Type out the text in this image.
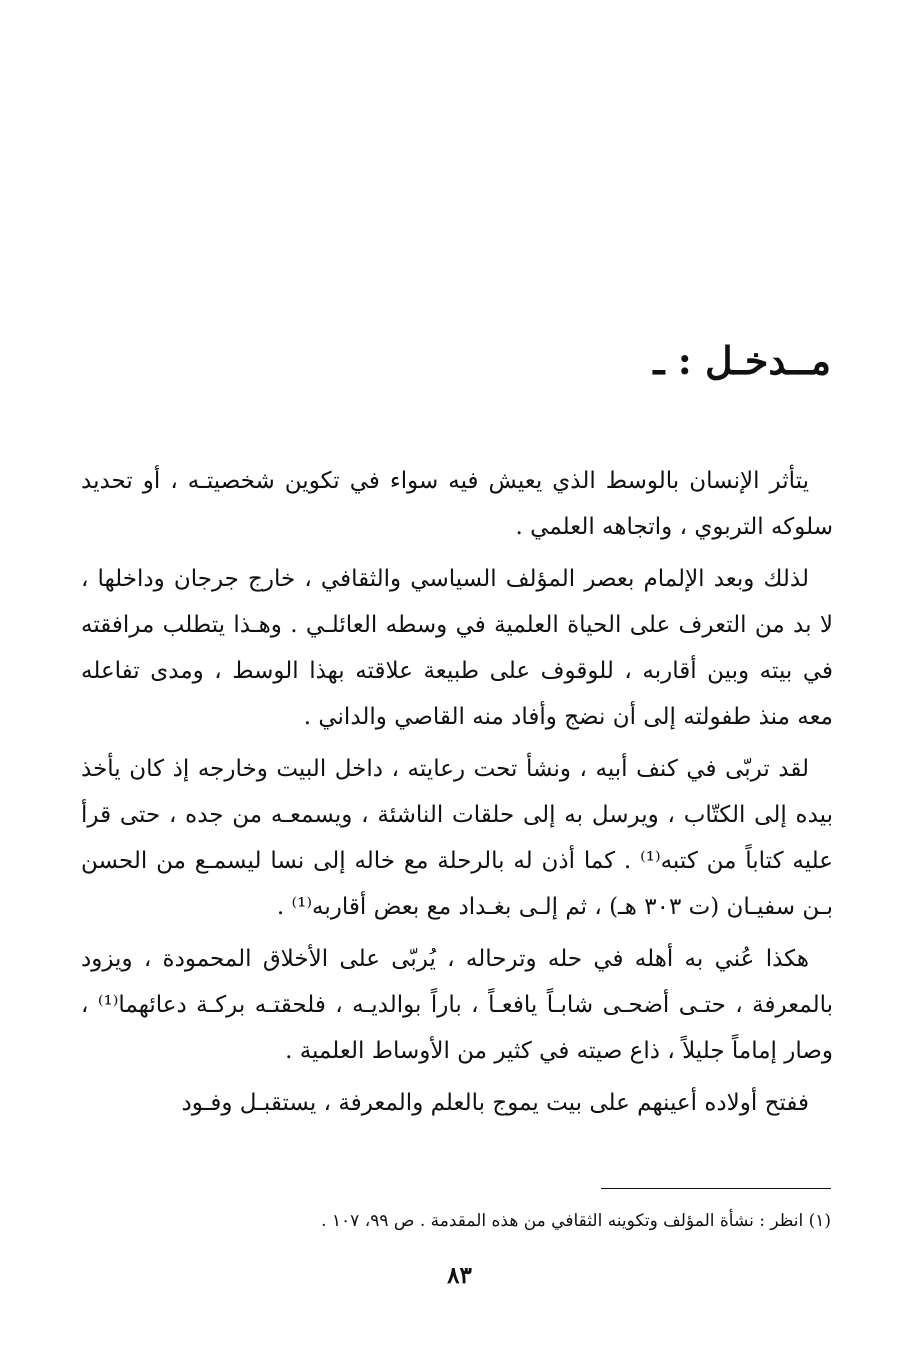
مــدخـل : ـ

يتأثر الإنسان بالوسط الذي يعيش فيه سواء في تكوين شخصيتـه ، أو تحديد سلوكه التربوي ، واتجاهه العلمي .

لذلك وبعد الإلمام بعصر المؤلف السياسي والثقافي ، خارج جرجان وداخلها ، لا بد من التعرف على الحياة العلمية في وسطه العائلـي . وهـذا يتطلب مرافقته في بيته وبين أقاربه ، للوقوف على طبيعة علاقته بهذا الوسط ، ومدى تفاعله معه منذ طفولته إلى أن نضج وأفاد منه القاصي والداني .

لقد تربّى في كنف أبيه ، ونشأ تحت رعايته ، داخل البيت وخارجه إذ كان يأخذ بيده إلى الكتّاب ، ويرسل به إلى حلقات الناشئة ، ويسمعـه من جده ، حتى قرأ عليه كتاباً من كتبه⁽¹⁾ . كما أذن له بالرحلة مع خاله إلى نسا ليسمـع من الحسن بـن سفيـان (ت ٣٠٣ هـ) ، ثم إلـى بغـداد مع بعض أقاربه⁽¹⁾ .

هكذا عُني به أهله في حله وترحاله ، يُربّى على الأخلاق المحمودة ، ويزود بالمعرفة ، حتـى أضحـى شابـاً يافعـاً ، باراً بوالديـه ، فلحقتـه بركـة دعائهما⁽¹⁾ ، وصار إماماً جليلاً ، ذاع صيته في كثير من الأوساط العلمية .

ففتح أولاده أعينهم على بيت يموج بالعلم والمعرفة ، يستقبـل وفـود

(١) انظر : نشأة المؤلف وتكوينه الثقافي من هذه المقدمة . ص ٩٩، ١٠٧ .
٨٣
